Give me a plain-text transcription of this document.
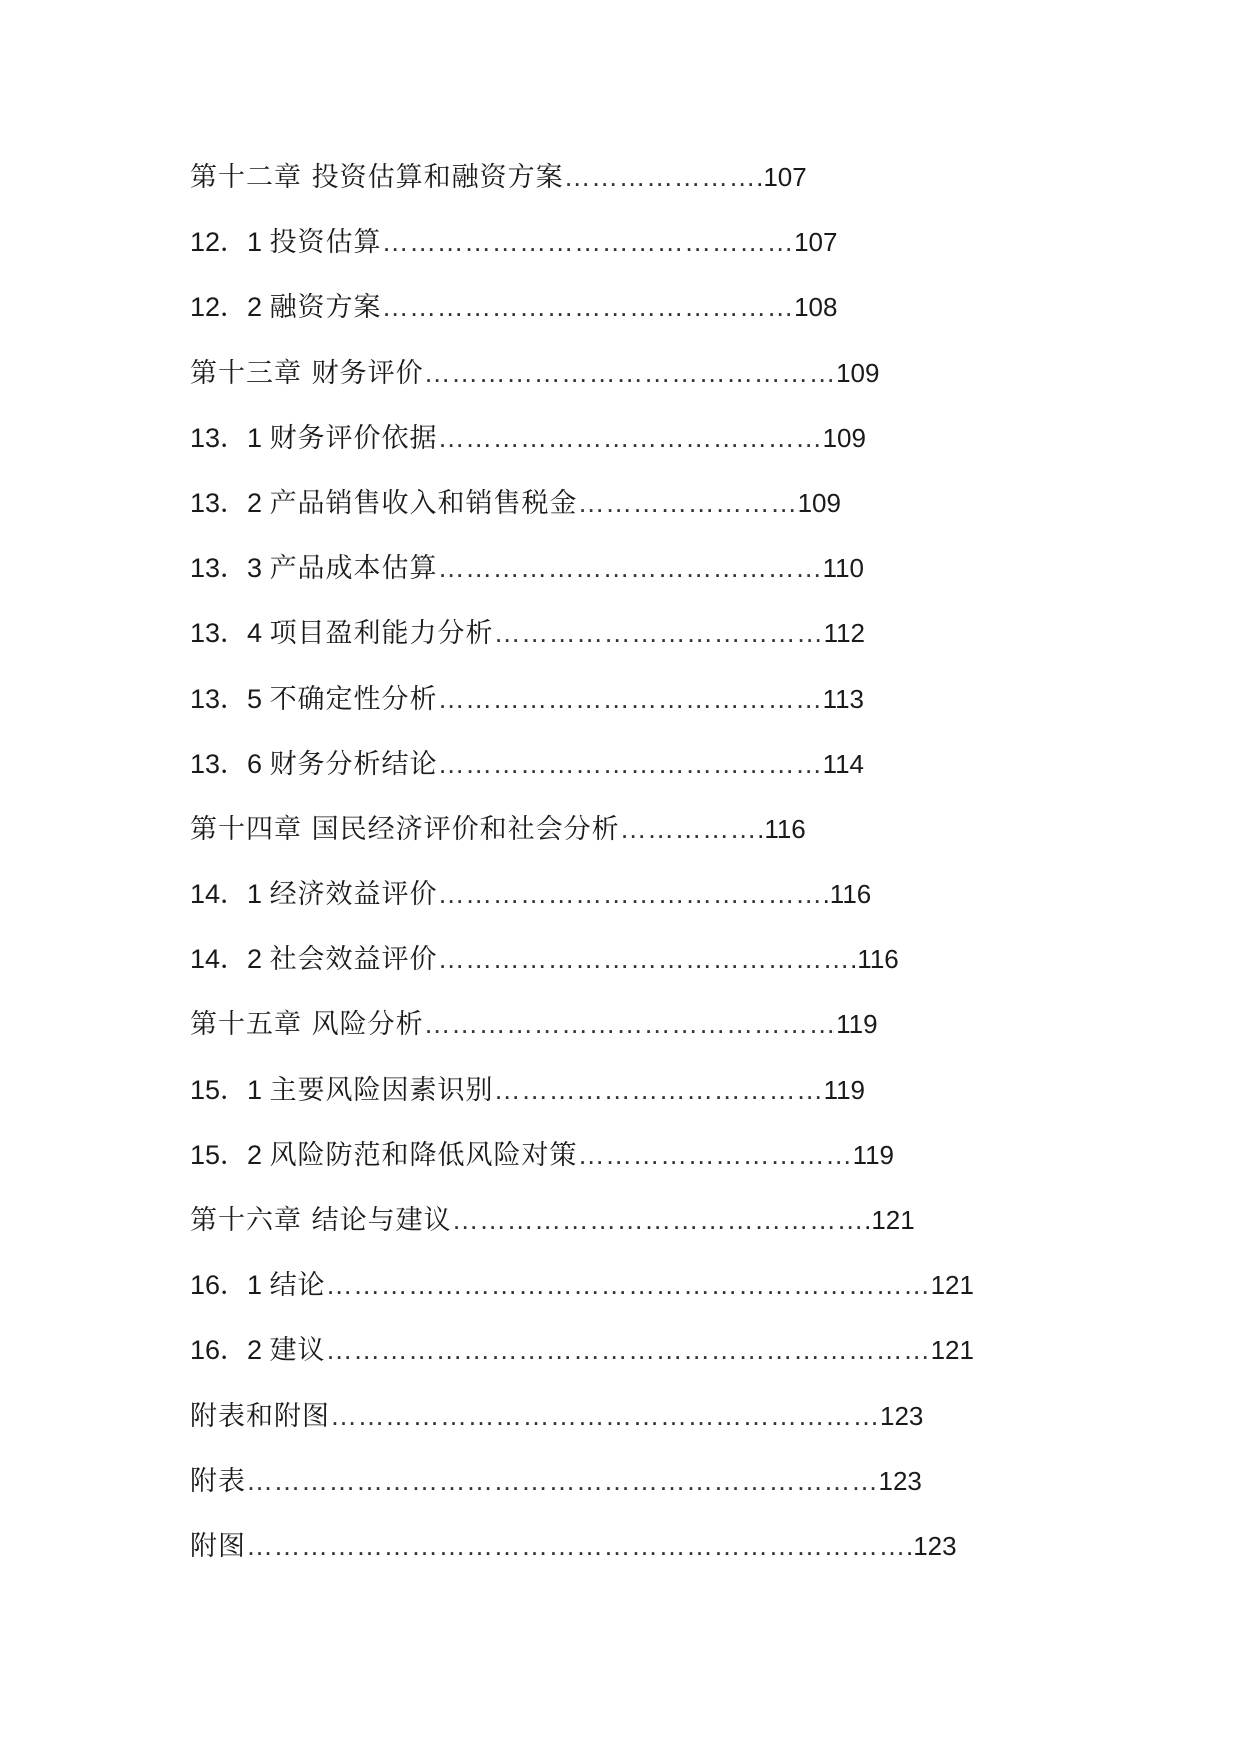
第十二章 投资估算和融资方案………………….107
12．1 投资估算………………………………………107
12．2 融资方案………………………………………108
第十三章 财务评价………………………………………109
13．1 财务评价依据……………………………………109
13．2 产品销售收入和销售税金……………………109
13．3 产品成本估算……………………………………110
13．4 项目盈利能力分析………………………………112
13．5 不确定性分析……………………………………113
13．6 财务分析结论……………………………………114
第十四章 国民经济评价和社会分析…………….116
14．1 经济效益评价…………………………………….116
14．2 社会效益评价……………………………………….116
第十五章 风险分析………………………………………119
15．1 主要风险因素识别………………………………119
15．2 风险防范和降低风险对策…………………………119
第十六章 结论与建议……………………………………….121
16．1 结论…………………………………………………………121
16．2 建议…………………………………………………………121
附表和附图……………………………………………………123
附表……………………………………………………………123
附图……………………………………………………………….123
